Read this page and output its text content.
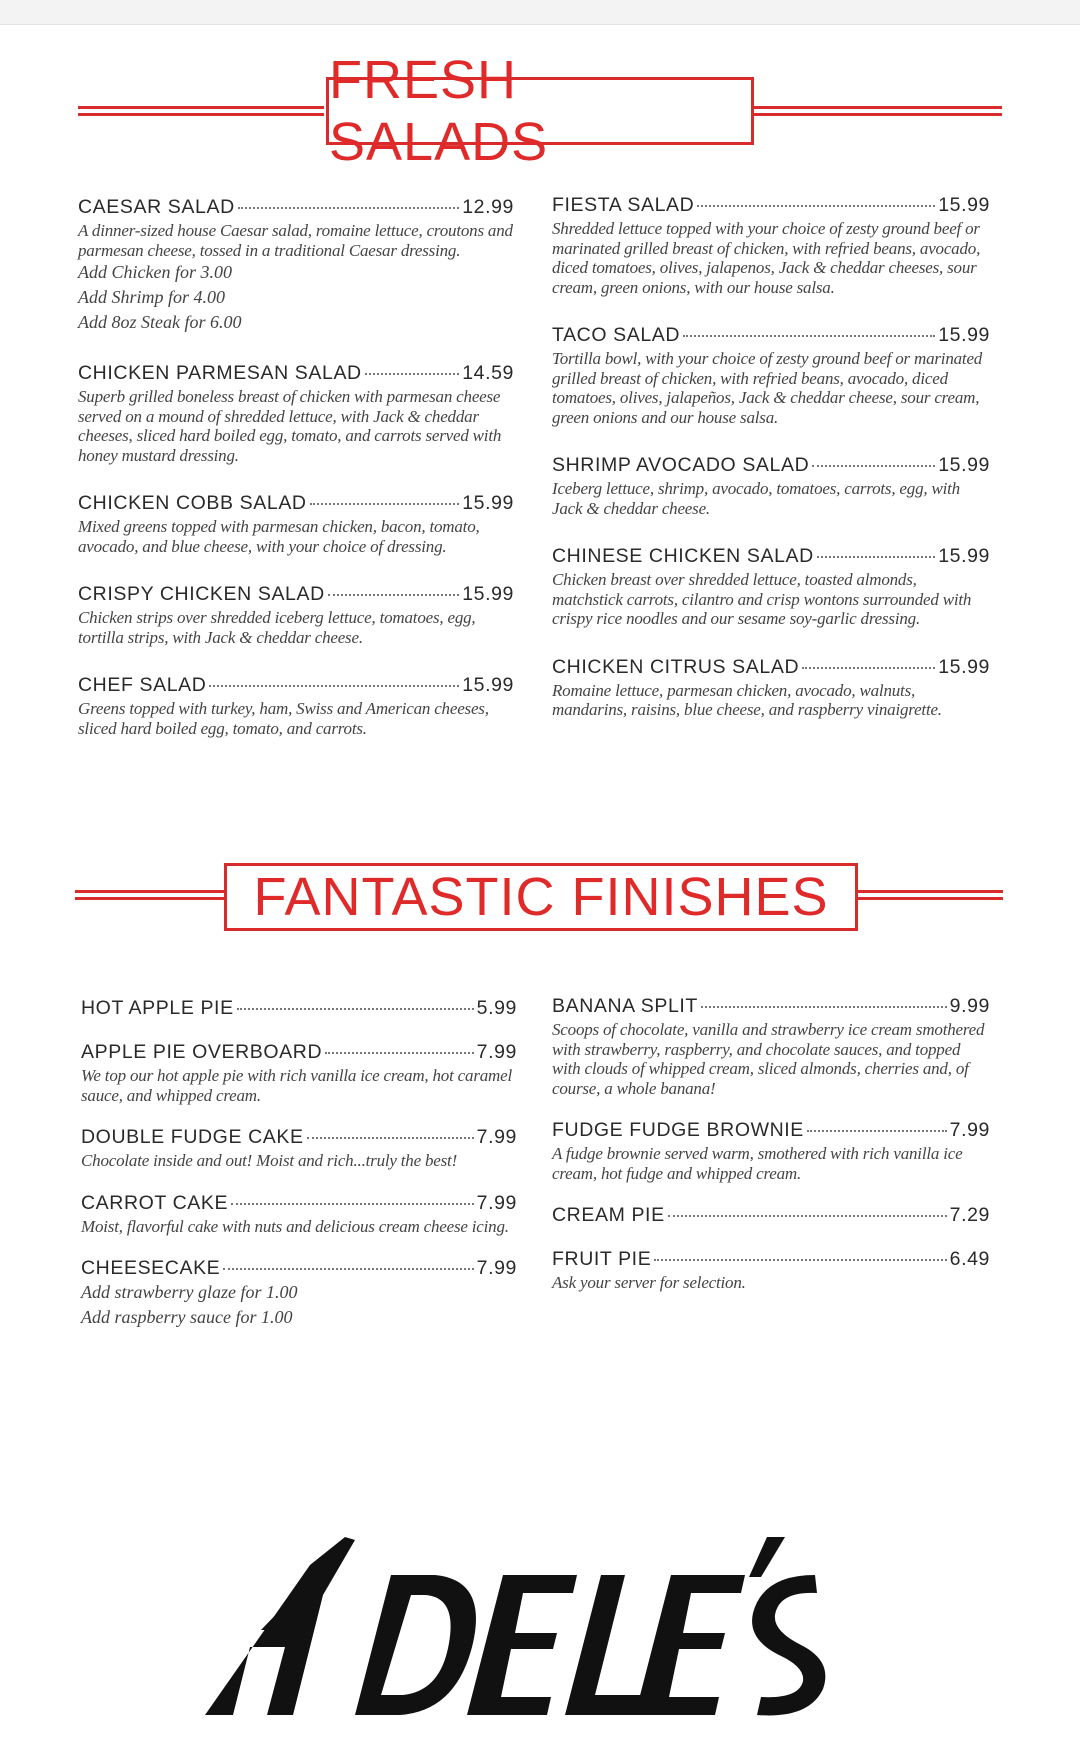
FRESH SALADS
CAESAR SALAD	12.99
A dinner-sized house Caesar salad, romaine lettuce, croutons and parmesan cheese, tossed in a traditional Caesar dressing.
Add Chicken for 3.00
Add Shrimp for 4.00
Add 8oz Steak for 6.00
CHICKEN PARMESAN SALAD	14.59
Superb grilled boneless breast of chicken with parmesan cheese served on a mound of shredded lettuce, with Jack & cheddar cheeses, sliced hard boiled egg, tomato, and carrots served with honey mustard dressing.
CHICKEN COBB SALAD	15.99
Mixed greens topped with parmesan chicken, bacon, tomato, avocado, and blue cheese, with your choice of dressing.
CRISPY CHICKEN SALAD	15.99
Chicken strips over shredded iceberg lettuce, tomatoes, egg, tortilla strips, with Jack & cheddar cheese.
CHEF SALAD	15.99
Greens topped with turkey, ham, Swiss and American cheeses, sliced hard boiled egg, tomato, and carrots.
FIESTA SALAD	15.99
Shredded lettuce topped with your choice of zesty ground beef or marinated grilled breast of chicken, with refried beans, avocado, diced tomatoes, olives, jalapenos, Jack & cheddar cheeses, sour cream, green onions, with our house salsa.
TACO SALAD	15.99
Tortilla bowl, with your choice of zesty ground beef or marinated grilled breast of chicken, with refried beans, avocado, diced tomatoes, olives, jalapeños, Jack & cheddar cheese, sour cream, green onions and our house salsa.
SHRIMP AVOCADO SALAD	15.99
Iceberg lettuce, shrimp, avocado, tomatoes, carrots, egg, with Jack & cheddar cheese.
CHINESE CHICKEN SALAD	15.99
Chicken breast over shredded lettuce, toasted almonds, matchstick carrots, cilantro and crisp wontons surrounded with crispy rice noodles and our sesame soy-garlic dressing.
CHICKEN CITRUS SALAD	15.99
Romaine lettuce, parmesan chicken, avocado, walnuts, mandarins, raisins, blue cheese, and raspberry vinaigrette.
FANTASTIC FINISHES
HOT APPLE PIE	5.99
APPLE PIE OVERBOARD	7.99
We top our hot apple pie with rich vanilla ice cream, hot caramel sauce, and whipped cream.
DOUBLE FUDGE CAKE	7.99
Chocolate inside and out! Moist and rich...truly the best!
CARROT CAKE	7.99
Moist, flavorful cake with nuts and delicious cream cheese icing.
CHEESECAKE	7.99
Add strawberry glaze for 1.00
Add raspberry sauce for 1.00
BANANA SPLIT	9.99
Scoops of chocolate, vanilla and strawberry ice cream smothered with strawberry, raspberry, and chocolate sauces, and topped with clouds of whipped cream, sliced almonds, cherries and, of course, a whole banana!
FUDGE FUDGE BROWNIE	7.99
A fudge brownie served warm, smothered with rich vanilla ice cream, hot fudge and whipped cream.
CREAM PIE	7.29
FRUIT PIE	6.49
Ask your server for selection.
